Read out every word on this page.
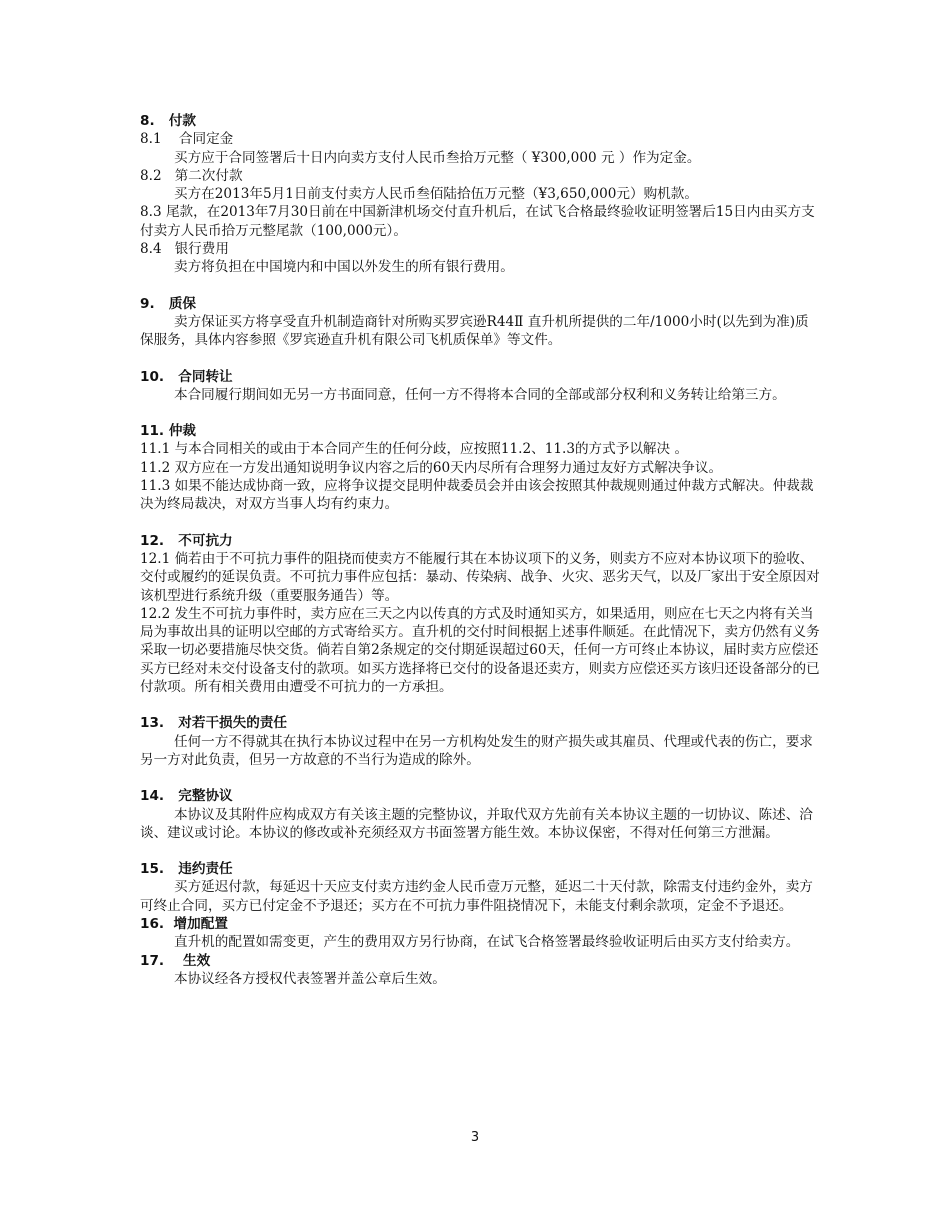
8.   付款
8.1    合同定金
买方应于合同签署后十日内向卖方支付人民币叁拾万元整（ ¥300,000 元 ）作为定金。
8.2   第二次付款
买方在2013年5月1日前支付卖方人民币叁佰陆拾伍万元整（¥3,650,000元）购机款。
8.3 尾款，在2013年7月30日前在中国新津机场交付直升机后，在试飞合格最终验收证明签署后15日内由买方支付卖方人民币拾万元整尾款（100,000元）。
8.4   银行费用
卖方将负担在中国境内和中国以外发生的所有银行费用。
9.   质保
卖方保证买方将享受直升机制造商针对所购买罗宾逊R44Ⅱ 直升机所提供的二年/1000小时(以先到为准)质保服务，具体内容参照《罗宾逊直升机有限公司飞机质保单》等文件。
10.   合同转让
本合同履行期间如无另一方书面同意，任何一方不得将本合同的全部或部分权利和义务转让给第三方。
11. 仲裁
11.1 与本合同相关的或由于本合同产生的任何分歧，应按照11.2、11.3的方式予以解决 。
11.2 双方应在一方发出通知说明争议内容之后的60天内尽所有合理努力通过友好方式解决争议。
11.3 如果不能达成协商一致，应将争议提交昆明仲裁委员会并由该会按照其仲裁规则通过仲裁方式解决。仲裁裁决为终局裁决，对双方当事人均有约束力。
12.   不可抗力
12.1 倘若由于不可抗力事件的阻挠而使卖方不能履行其在本协议项下的义务，则卖方不应对本协议项下的验收、交付或履约的延误负责。不可抗力事件应包括：暴动、传染病、战争、火灾、恶劣天气，以及厂家出于安全原因对该机型进行系统升级（重要服务通告）等。
12.2 发生不可抗力事件时，卖方应在三天之内以传真的方式及时通知买方，如果适用，则应在七天之内将有关当局为事故出具的证明以空邮的方式寄给买方。直升机的交付时间根据上述事件顺延。在此情况下，卖方仍然有义务采取一切必要措施尽快交货。倘若自第2条规定的交付期延误超过60天，任何一方可终止本协议，届时卖方应偿还买方已经对未交付设备支付的款项。如买方选择将已交付的设备退还卖方，则卖方应偿还买方该归还设备部分的已付款项。所有相关费用由遭受不可抗力的一方承担。
13.   对若干损失的责任
任何一方不得就其在执行本协议过程中在另一方机构处发生的财产损失或其雇员、代理或代表的伤亡，要求另一方对此负责，但另一方故意的不当行为造成的除外。
14.   完整协议
本协议及其附件应构成双方有关该主题的完整协议，并取代双方先前有关本协议主题的一切协议、陈述、洽谈、建议或讨论。本协议的修改或补充须经双方书面签署方能生效。本协议保密，不得对任何第三方泄漏。
15.   违约责任
买方延迟付款，每延迟十天应支付卖方违约金人民币壹万元整，延迟二十天付款，除需支付违约金外，卖方可终止合同，买方已付定金不予退还；买方在不可抗力事件阻挠情况下，未能支付剩余款项，定金不予退还。
16.  增加配置
直升机的配置如需变更，产生的费用双方另行协商，在试飞合格签署最终验收证明后由买方支付给卖方。
17.    生效
本协议经各方授权代表签署并盖公章后生效。
3
